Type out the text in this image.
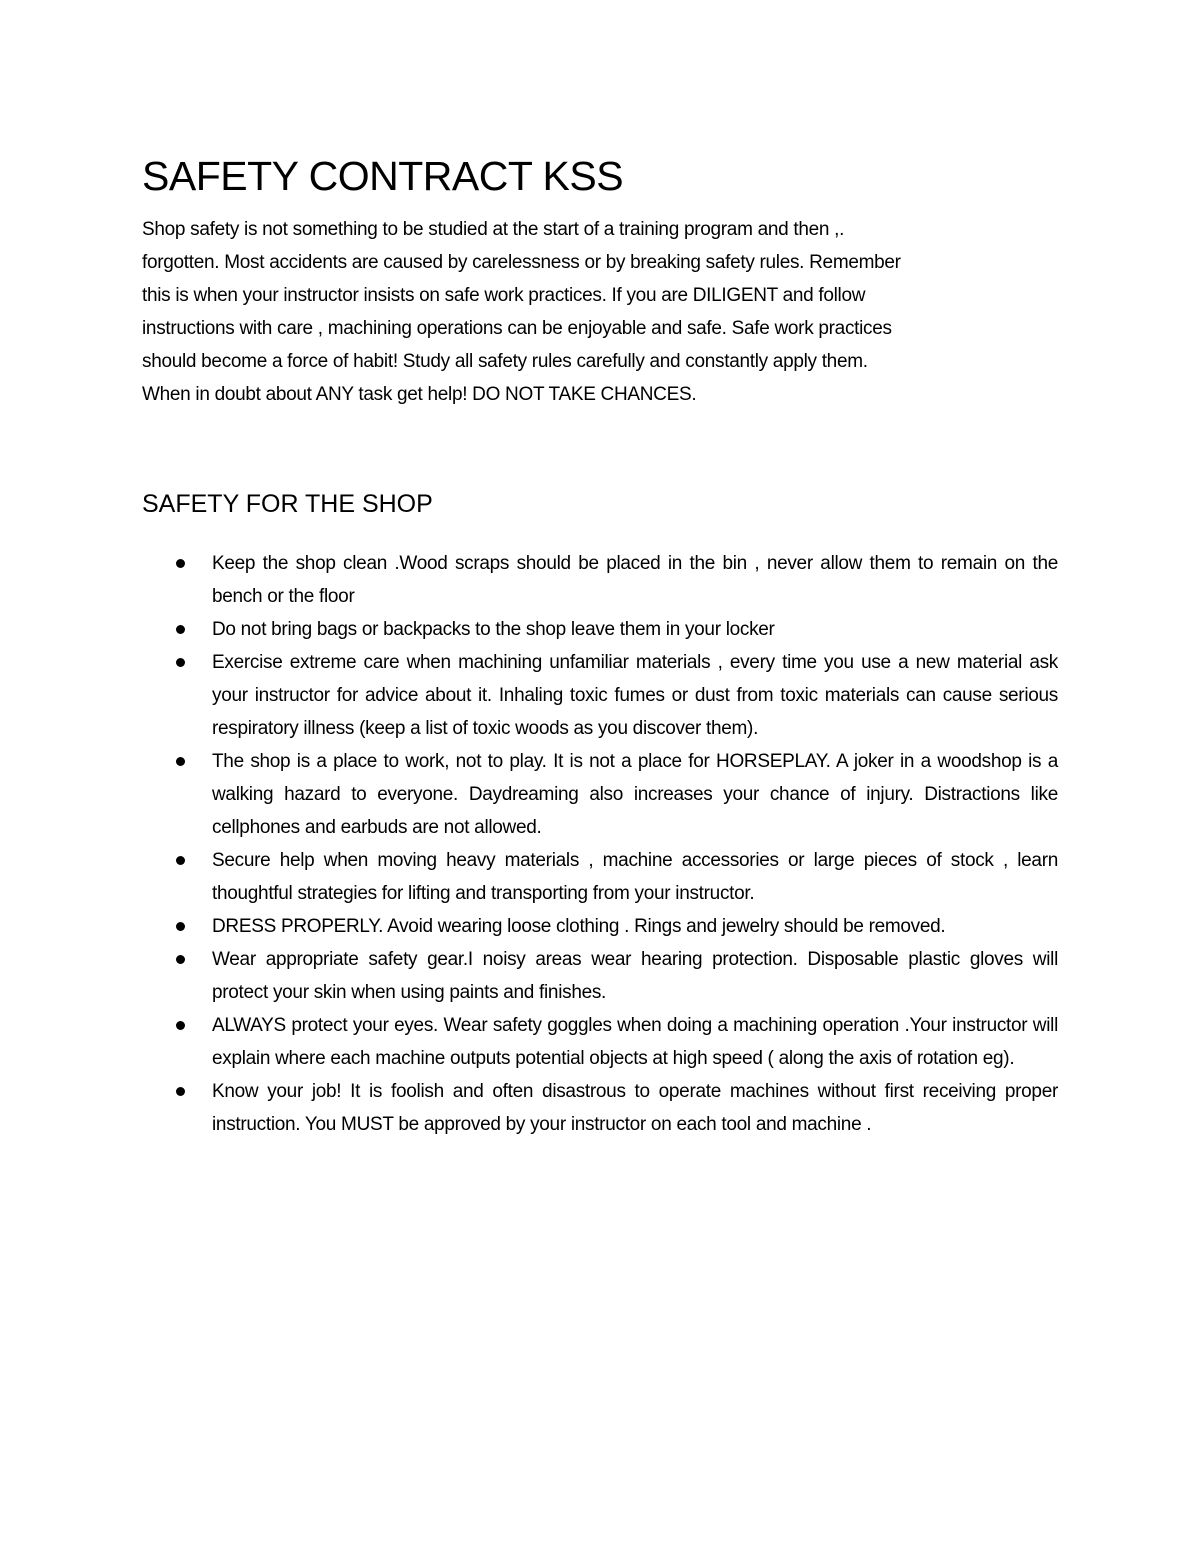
SAFETY CONTRACT KSS

Shop safety is not something to be studied at the start of a training program and then ,.
forgotten. Most accidents are caused by carelessness or by breaking safety rules. Remember
this is when your instructor insists on safe work practices. If you are DILIGENT and follow
instructions with care , machining operations can be enjoyable and safe. Safe work practices
should become a force of habit! Study all safety rules carefully and constantly apply them.
When in doubt about ANY task get help! DO NOT TAKE CHANCES.

SAFETY FOR THE SHOP
Keep the shop clean .Wood scraps should be placed in the bin , never allow them to remain on the bench or the floor
Do not bring bags or backpacks to the shop leave them in your locker
Exercise extreme care when machining unfamiliar materials , every time you use a new material ask your instructor for advice about it. Inhaling toxic fumes or dust from toxic materials can cause serious respiratory illness (keep a list of toxic woods as you discover them).
The shop is a place to work, not to play. It is not a place for HORSEPLAY. A joker in a woodshop is a walking hazard to everyone. Daydreaming also increases your chance of injury. Distractions like cellphones and earbuds are not allowed.
Secure help when moving heavy materials , machine accessories or large pieces of stock , learn thoughtful strategies for lifting and transporting from your instructor.
DRESS PROPERLY. Avoid wearing loose clothing . Rings and jewelry should be removed.
Wear appropriate safety gear.I noisy areas wear hearing protection. Disposable plastic gloves will protect your skin when using paints and finishes.
ALWAYS protect your eyes. Wear safety goggles when doing a machining operation .Your instructor will explain where each machine outputs potential objects at high speed ( along the axis of rotation eg).
Know your job! It is foolish and often disastrous to operate machines without first receiving proper instruction. You MUST be approved by your instructor on each tool and machine .
